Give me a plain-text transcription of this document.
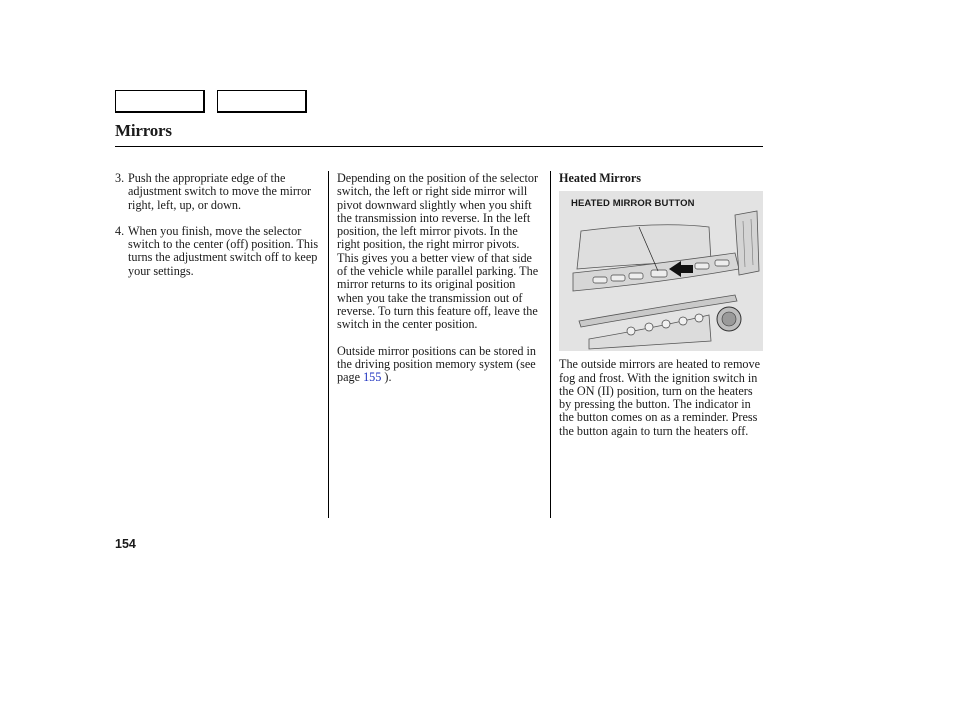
Mirrors
3. Push the appropriate edge of the adjustment switch to move the mirror right, left, up, or down.
4. When you finish, move the selector switch to the center (off) position. This turns the adjustment switch off to keep your settings.

Depending on the position of the selector switch, the left or right side mirror will pivot downward slightly when you shift the transmission into reverse. In the left position, the left mirror pivots. In the right position, the right mirror pivots. This gives you a better view of that side of the vehicle while parallel parking. The mirror returns to its original position when you take the transmission out of reverse. To turn this feature off, leave the switch in the center position.

Outside mirror positions can be stored in the driving position memory system (see page 155 ).

Heated Mirrors
HEATED MIRROR BUTTON

The outside mirrors are heated to remove fog and frost. With the ignition switch in the ON (II) position, turn on the heaters by pressing the button. The indicator in the button comes on as a reminder. Press the button again to turn the heaters off.

154
